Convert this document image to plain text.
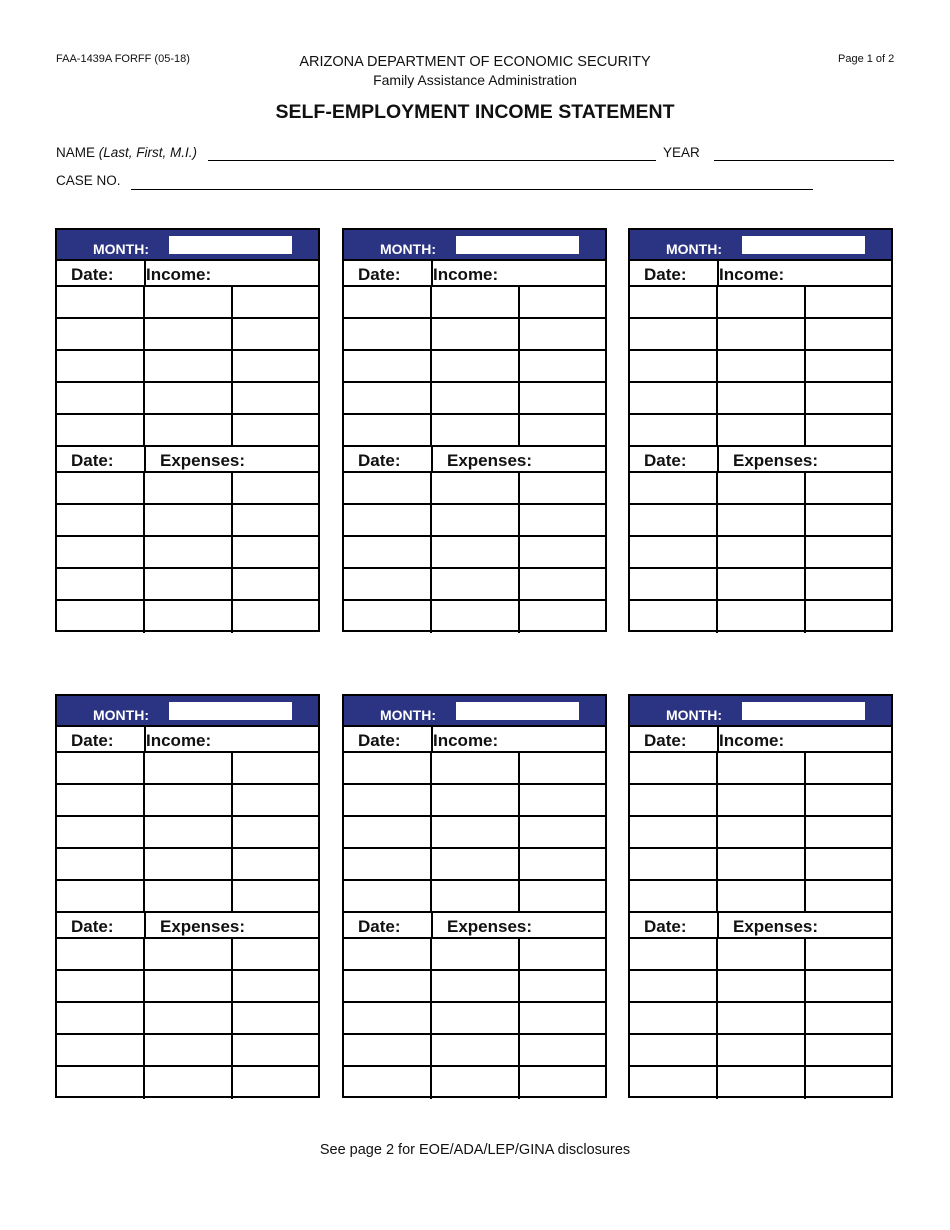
FAA-1439A FORFF (05-18)	Page 1 of 2
ARIZONA DEPARTMENT OF ECONOMIC SECURITY
Family Assistance Administration
SELF-EMPLOYMENT INCOME STATEMENT
NAME (Last, First, M.I.)	YEAR
CASE NO.
MONTH:
Date: Income:
Date:	Expenses:
MONTH:
Date: Income:
Date:	Expenses:
MONTH:
Date: Income:
Date:	Expenses:
MONTH:
Date: Income:
Date:	Expenses:
MONTH:
Date: Income:
Date:	Expenses:
MONTH:
Date: Income:
Date:	Expenses:
See page 2 for EOE/ADA/LEP/GINA disclosures
